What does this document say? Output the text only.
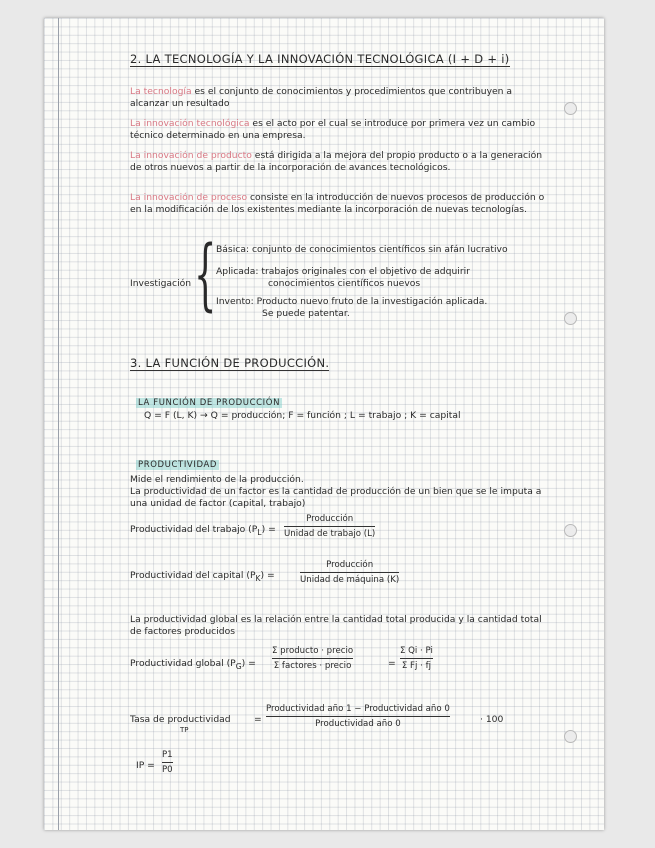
2. LA TECNOLOGÍA Y LA INNOVACIÓN TECNOLÓGICA (I + D + i)
La tecnología es el conjunto de conocimientos y procedimientos que contribuyen a alcanzar un resultado
La innovación tecnológica es el acto por el cual se introduce por primera vez un cambio técnico determinado en una empresa.
La innovación de producto está dirigida a la mejora del propio producto o a la generación de otros nuevos a partir de la incorporación de avances tecnológicos.
La innovación de proceso consiste en la introducción de nuevos procesos de producción o en la modificación de los existentes mediante la incorporación de nuevas tecnologías.
Investigación { Básica: conjunto de conocimientos científicos sin afán lucrativo
Aplicada: trabajos originales con el objetivo de adquirir
conocimientos científicos nuevos
Invento: Producto nuevo fruto de la investigación aplicada.
Se puede patentar.
3. LA FUNCIÓN DE PRODUCCIÓN.
LA FUNCIÓN DE PRODUCCIÓN
Q = F (L, K) → Q = producción; F = función ; L = trabajo ; K = capital
PRODUCTIVIDAD
Mide el rendimiento de la producción.
La productividad de un factor es la cantidad de producción de un bien que se le imputa a una unidad de factor (capital, trabajo)
Productividad del trabajo $(P_L)$ =
Producción
Unidad de trabajo (L)
Productividad del capital $(P_K)$ =
Producción
Unidad de máquina (K)
La productividad global es la relación entre la cantidad total producida y la cantidad total de factores producidos
Productividad global $(P_G)$ =
Σ producto · precio
Σ factores · precio	=
Σ Qi · Pi
Σ Fj · fj
Tasa de productividad
TP
=
Productividad año 1 − Productividad año 0
Productividad año 0	· 100
IP =
P1
P0
